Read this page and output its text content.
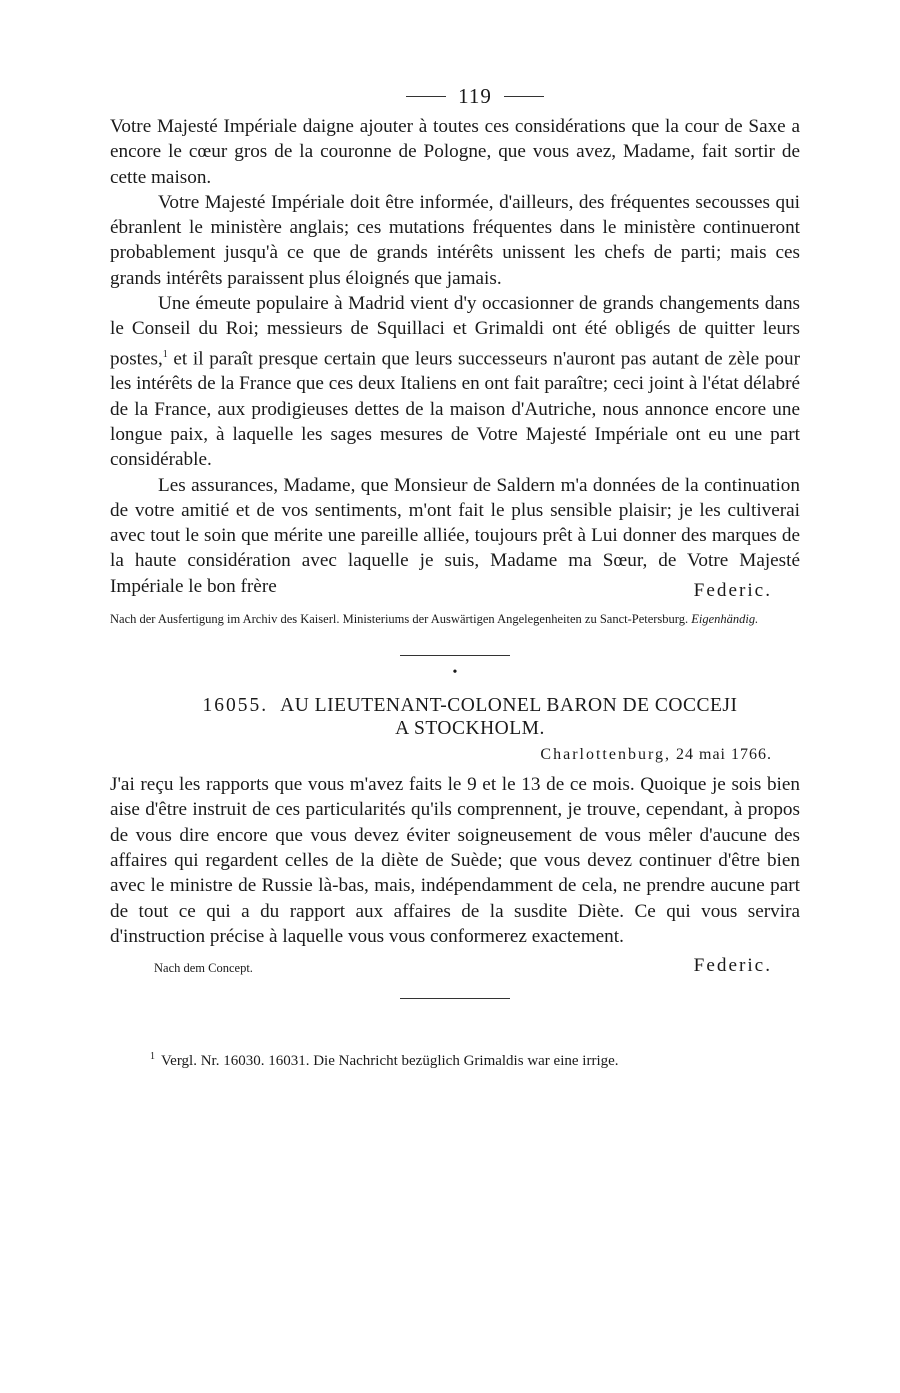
119

Votre Majesté Impériale daigne ajouter à toutes ces considérations que la cour de Saxe a encore le cœur gros de la couronne de Pologne, que vous avez, Madame, fait sortir de cette maison.

Votre Majesté Impériale doit être informée, d'ailleurs, des fréquentes secousses qui ébranlent le ministère anglais; ces mutations fréquentes dans le ministère continueront probablement jusqu'à ce que de grands intérêts unissent les chefs de parti; mais ces grands intérêts paraissent plus éloignés que jamais.

Une émeute populaire à Madrid vient d'y occasionner de grands changements dans le Conseil du Roi; messieurs de Squillaci et Grimaldi ont été obligés de quitter leurs postes,$^1$ et il paraît presque certain que leurs successeurs n'auront pas autant de zèle pour les intérêts de la France que ces deux Italiens en ont fait paraître; ceci joint à l'état délabré de la France, aux prodigieuses dettes de la maison d'Autriche, nous annonce encore une longue paix, à laquelle les sages mesures de Votre Majesté Impériale ont eu une part considérable.

Les assurances, Madame, que Monsieur de Saldern m'a données de la continuation de votre amitié et de vos sentiments, m'ont fait le plus sensible plaisir; je les cultiverai avec tout le soin que mérite une pareille alliée, toujours prêt à Lui donner des marques de la haute considération avec laquelle je suis, Madame ma Sœur, de Votre Majesté

Impériale le bon frère	Federic.
Nach der Ausfertigung im Archiv des Kaiserl. Ministeriums der Auswärtigen Angelegenheiten zu Sanct-Petersburg. Eigenhändig.
•
16055. AU LIEUTENANT-COLONEL BARON DE COCCEJI
A STOCKHOLM.
Charlottenburg, 24 mai 1766.

J'ai reçu les rapports que vous m'avez faits le 9 et le 13 de ce mois. Quoique je sois bien aise d'être instruit de ces particularités qu'ils comprennent, je trouve, cependant, à propos de vous dire encore que vous devez éviter soigneusement de vous mêler d'aucune des affaires qui regardent celles de la diète de Suède; que vous devez continuer d'être bien avec le ministre de Russie là-bas, mais, indépendamment de cela, ne prendre aucune part de tout ce qui a du rapport aux affaires de la susdite Diète. Ce qui vous servira d'instruction précise à laquelle vous vous conformerez exactement.

Nach dem Concept.	Federic.
$^1$ Vergl. Nr. 16030. 16031. Die Nachricht bezüglich Grimaldis war eine irrige.
